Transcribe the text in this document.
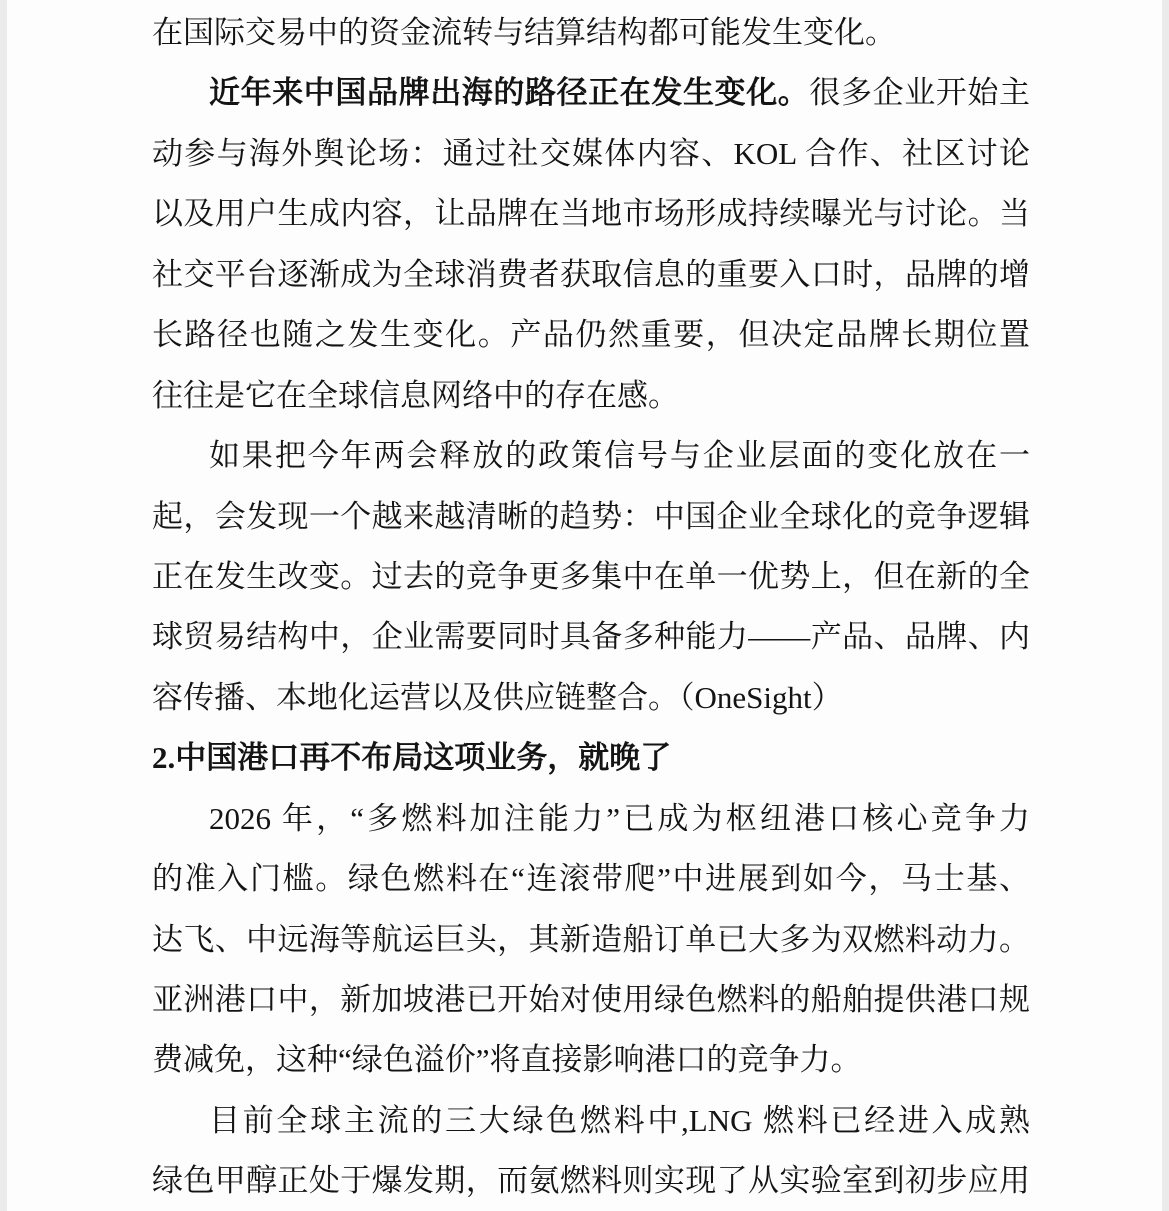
在国际交易中的资金流转与结算结构都可能发生变化。
近年来中国品牌出海的路径正在发生变化。很多企业开始主
动参与海外舆论场：通过社交媒体内容、KOL 合作、社区讨论
以及用户生成内容，让品牌在当地市场形成持续曝光与讨论。当
社交平台逐渐成为全球消费者获取信息的重要入口时，品牌的增
长路径也随之发生变化。产品仍然重要，但决定品牌长期位置
往往是它在全球信息网络中的存在感。
如果把今年两会释放的政策信号与企业层面的变化放在一
起，会发现一个越来越清晰的趋势：中国企业全球化的竞争逻辑
正在发生改变。过去的竞争更多集中在单一优势上，但在新的全
球贸易结构中，企业需要同时具备多种能力——产品、品牌、内
容传播、本地化运营以及供应链整合。（OneSight）
2.中国港口再不布局这项业务，就晚了
2026 年，“多燃料加注能力”已成为枢纽港口核心竞争力
的准入门槛。绿色燃料在“连滚带爬”中进展到如今，马士基、
达飞、中远海等航运巨头，其新造船订单已大多为双燃料动力。
亚洲港口中，新加坡港已开始对使用绿色燃料的船舶提供港口规
费减免，这种“绿色溢价”将直接影响港口的竞争力。
目前全球主流的三大绿色燃料中,LNG 燃料已经进入成熟
绿色甲醇正处于爆发期，而氨燃料则实现了从实验室到初步应用
